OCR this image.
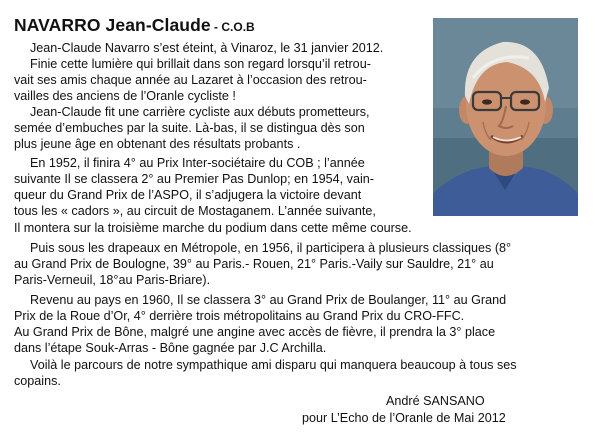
NAVARRO Jean-Claude - C.O.B

Jean-Claude Navarro s’est éteint, à Vinaroz, le 31 janvier 2012.

Finie cette lumière qui brillait dans son regard lorsqu’il retrou-

vait ses amis chaque année au Lazaret à l’occasion des retrou-

vailles des anciens de l’Oranle cycliste !

Jean-Claude fit une carrière cycliste aux débuts prometteurs,

semée d’embuches par la suite. Là-bas, il se distingua dès son

plus jeune âge en obtenant des résultats probants .

En 1952, il finira 4° au Prix Inter-sociétaire du COB ; l’année

suivante Il se classera 2° au Premier Pas Dunlop; en 1954, vain-

queur du Grand Prix de l’ASPO, il s’adjugera la victoire devant

tous les « cadors », au circuit de Mostaganem. L’année suivante,

Il montera sur la troisième marche du podium dans cette même course.

Puis sous les drapeaux en Métropole, en 1956, il participera à plusieurs classiques (8°

au Grand Prix de Boulogne, 39° au Paris.- Rouen, 21° Paris.-Vaily sur Sauldre, 21° au

Paris-Verneuil, 18°au Paris-Briare).

Revenu au pays en 1960, Il se classera 3° au Grand Prix de Boulanger, 11° au Grand

Prix de la Roue d’Or, 4° derrière trois métropolitains au Grand Prix du CRO-FFC.

Au Grand Prix de Bône, malgré une angine avec accès de fièvre, il prendra la 3° place

dans l’étape Souk-Arras - Bône gagnée par J.C Archilla.

Voilà le parcours de notre sympathique ami disparu qui manquera beaucoup à tous ses

copains.

André SANSANO

pour L’Echo de l’Oranle de Mai 2012
